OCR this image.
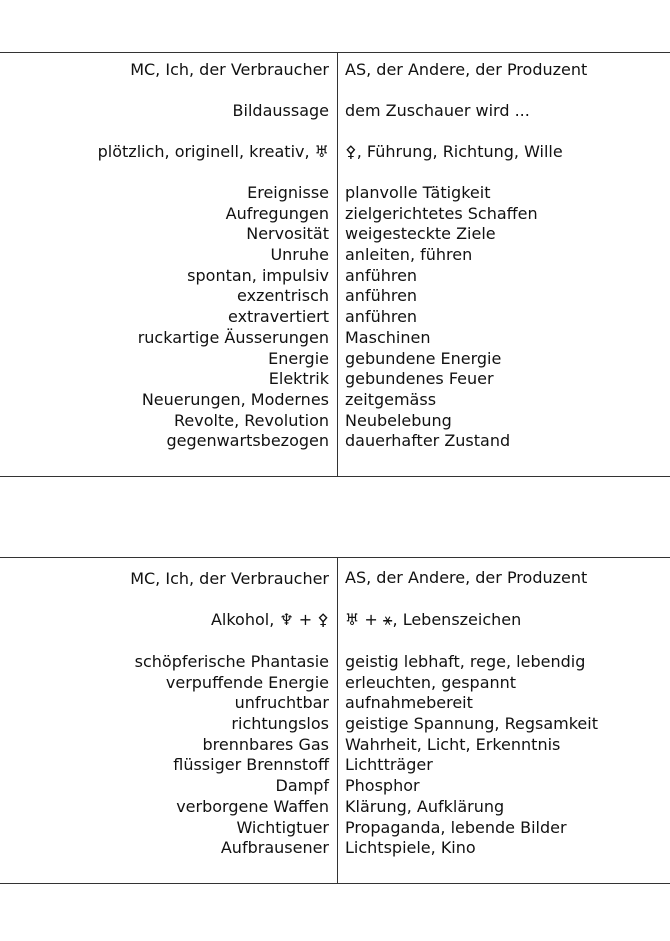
MC, Ich, der Verbraucher AS, der Andere, der Produzent
Bildaussage dem Zuschauer wird ...
plötzlich, originell, kreativ, ♅ ⚴, Führung, Richtung, Wille
Ereignisse
Aufregungen
Nervosität
Unruhe
spontan, impulsiv
exzentrisch
extravertiert
ruckartige Äusserungen
Energie
Elektrik
Neuerungen, Modernes
Revolte, Revolution
gegenwartsbezogen
planvolle Tätigkeit
zielgerichtetes Schaffen
weigesteckte Ziele
anleiten, führen
anführen
anführen
anführen
Maschinen
gebundene Energie
gebundenes Feuer
zeitgemäss
Neubelebung
dauerhafter Zustand
MC, Ich, der Verbraucher AS, der Andere, der Produzent
Alkohol, ♆ + ⚴ ♅ + ⚹, Lebenszeichen
schöpferische Phantasie
verpuffende Energie
unfruchtbar
richtungslos
brennbares Gas
flüssiger Brennstoff
Dampf
verborgene Waffen
Wichtigtuer
Aufbrausener
geistig lebhaft, rege, lebendig
erleuchten, gespannt
aufnahmebereit
geistige Spannung, Regsamkeit
Wahrheit, Licht, Erkenntnis
Lichtträger
Phosphor
Klärung, Aufklärung
Propaganda, lebende Bilder
Lichtspiele, Kino
